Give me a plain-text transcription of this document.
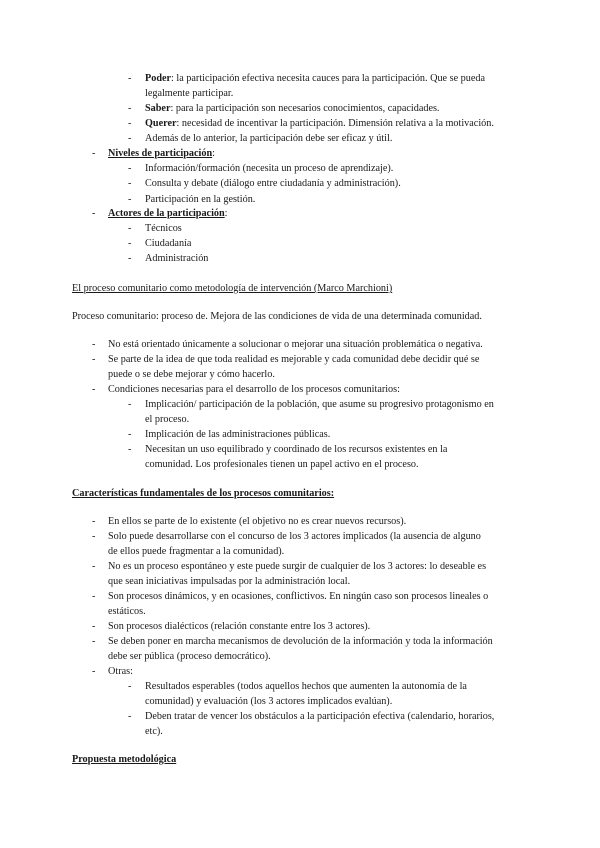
- Poder: la participación efectiva necesita cauces para la participación. Que se pueda
legalmente participar.
- Saber: para la participación son necesarios conocimientos, capacidades.
- Querer: necesidad de incentivar la participación. Dimensión relativa a la motivación.
- Además de lo anterior, la participación debe ser eficaz y útil.
- Niveles de participación:
- Información/formación (necesita un proceso de aprendizaje).
- Consulta y debate (diálogo entre ciudadanía y administración).
- Participación en la gestión.
- Actores de la participación:
- Técnicos
- Ciudadanía
- Administración
El proceso comunitario como metodología de intervención (Marco Marchioni)
Proceso comunitario: proceso de. Mejora de las condiciones de vida de una determinada comunidad.
- No está orientado únicamente a solucionar o mejorar una situación problemática o negativa.
- Se parte de la idea de que toda realidad es mejorable y cada comunidad debe decidir qué se
puede o se debe mejorar y cómo hacerlo.
- Condiciones necesarias para el desarrollo de los procesos comunitarios:
- Implicación/ participación de la población, que asume su progresivo protagonismo en
el proceso.
- Implicación de las administraciones públicas.
- Necesitan un uso equilibrado y coordinado de los recursos existentes en la
comunidad. Los profesionales tienen un papel activo en el proceso.
Características fundamentales de los procesos comunitarios:
- En ellos se parte de lo existente (el objetivo no es crear nuevos recursos).
- Solo puede desarrollarse con el concurso de los 3 actores implicados (la ausencia de alguno
de ellos puede fragmentar a la comunidad).
- No es un proceso espontáneo y este puede surgir de cualquier de los 3 actores: lo deseable es
que sean iniciativas impulsadas por la administración local.
- Son procesos dinámicos, y en ocasiones, conflictivos. En ningún caso son procesos lineales o
estáticos.
- Son procesos dialécticos (relación constante entre los 3 actores).
- Se deben poner en marcha mecanismos de devolución de la información y toda la información
debe ser pública (proceso democrático).
- Otras:
- Resultados esperables (todos aquellos hechos que aumenten la autonomía de la
comunidad) y evaluación (los 3 actores implicados evalúan).
- Deben tratar de vencer los obstáculos a la participación efectiva (calendario, horarios,
etc).
Propuesta metodológica
